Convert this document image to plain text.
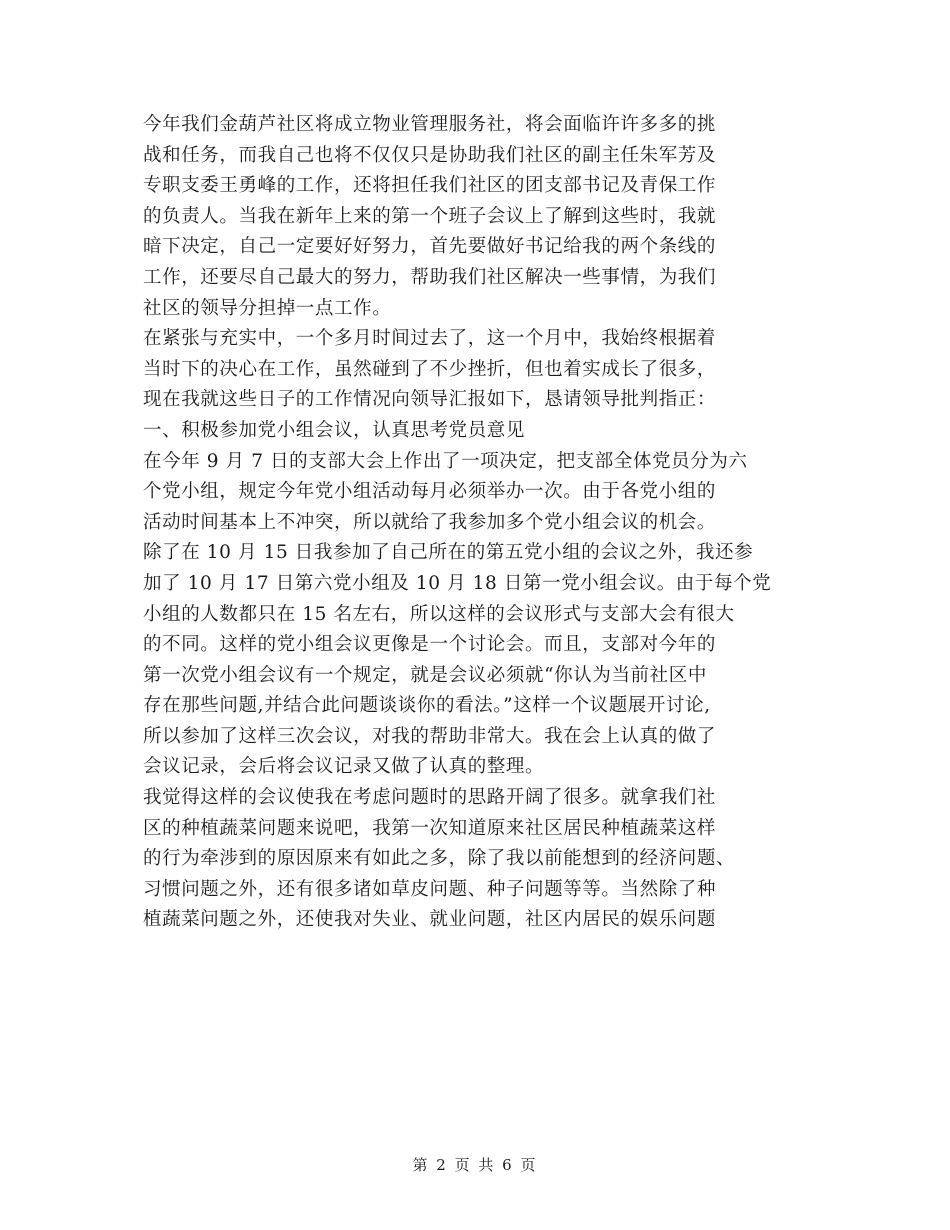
今年我们金葫芦社区将成立物业管理服务社，将会面临许许多多的挑
战和任务，而我自己也将不仅仅只是协助我们社区的副主任朱军芳及
专职支委王勇峰的工作，还将担任我们社区的团支部书记及青保工作
的负责人。当我在新年上来的第一个班子会议上了解到这些时，我就
暗下决定，自己一定要好好努力，首先要做好书记给我的两个条线的
工作，还要尽自己最大的努力，帮助我们社区解决一些事情，为我们
社区的领导分担掉一点工作。
在紧张与充实中，一个多月时间过去了，这一个月中，我始终根据着
当时下的决心在工作，虽然碰到了不少挫折，但也着实成长了很多，
现在我就这些日子的工作情况向领导汇报如下，恳请领导批判指正：
一、积极参加党小组会议，认真思考党员意见
在今年 9 月 7 日的支部大会上作出了一项决定，把支部全体党员分为六
个党小组，规定今年党小组活动每月必须举办一次。由于各党小组的
活动时间基本上不冲突，所以就给了我参加多个党小组会议的机会。
除了在 10 月 15 日我参加了自己所在的第五党小组的会议之外，我还参
加了 10 月 17 日第六党小组及 10 月 18 日第一党小组会议。由于每个党
小组的人数都只在 15 名左右，所以这样的会议形式与支部大会有很大
的不同。这样的党小组会议更像是一个讨论会。而且，支部对今年的
第一次党小组会议有一个规定，就是会议必须就“你认为当前社区中
存在那些问题,并结合此问题谈谈你的看法。”这样一个议题展开讨论,
所以参加了这样三次会议，对我的帮助非常大。我在会上认真的做了
会议记录，会后将会议记录又做了认真的整理。
我觉得这样的会议使我在考虑问题时的思路开阔了很多。就拿我们社
区的种植蔬菜问题来说吧，我第一次知道原来社区居民种植蔬菜这样
的行为牵涉到的原因原来有如此之多，除了我以前能想到的经济问题、
习惯问题之外，还有很多诸如草皮问题、种子问题等等。当然除了种
植蔬菜问题之外，还使我对失业、就业问题，社区内居民的娱乐问题
第 2 页 共 6 页
